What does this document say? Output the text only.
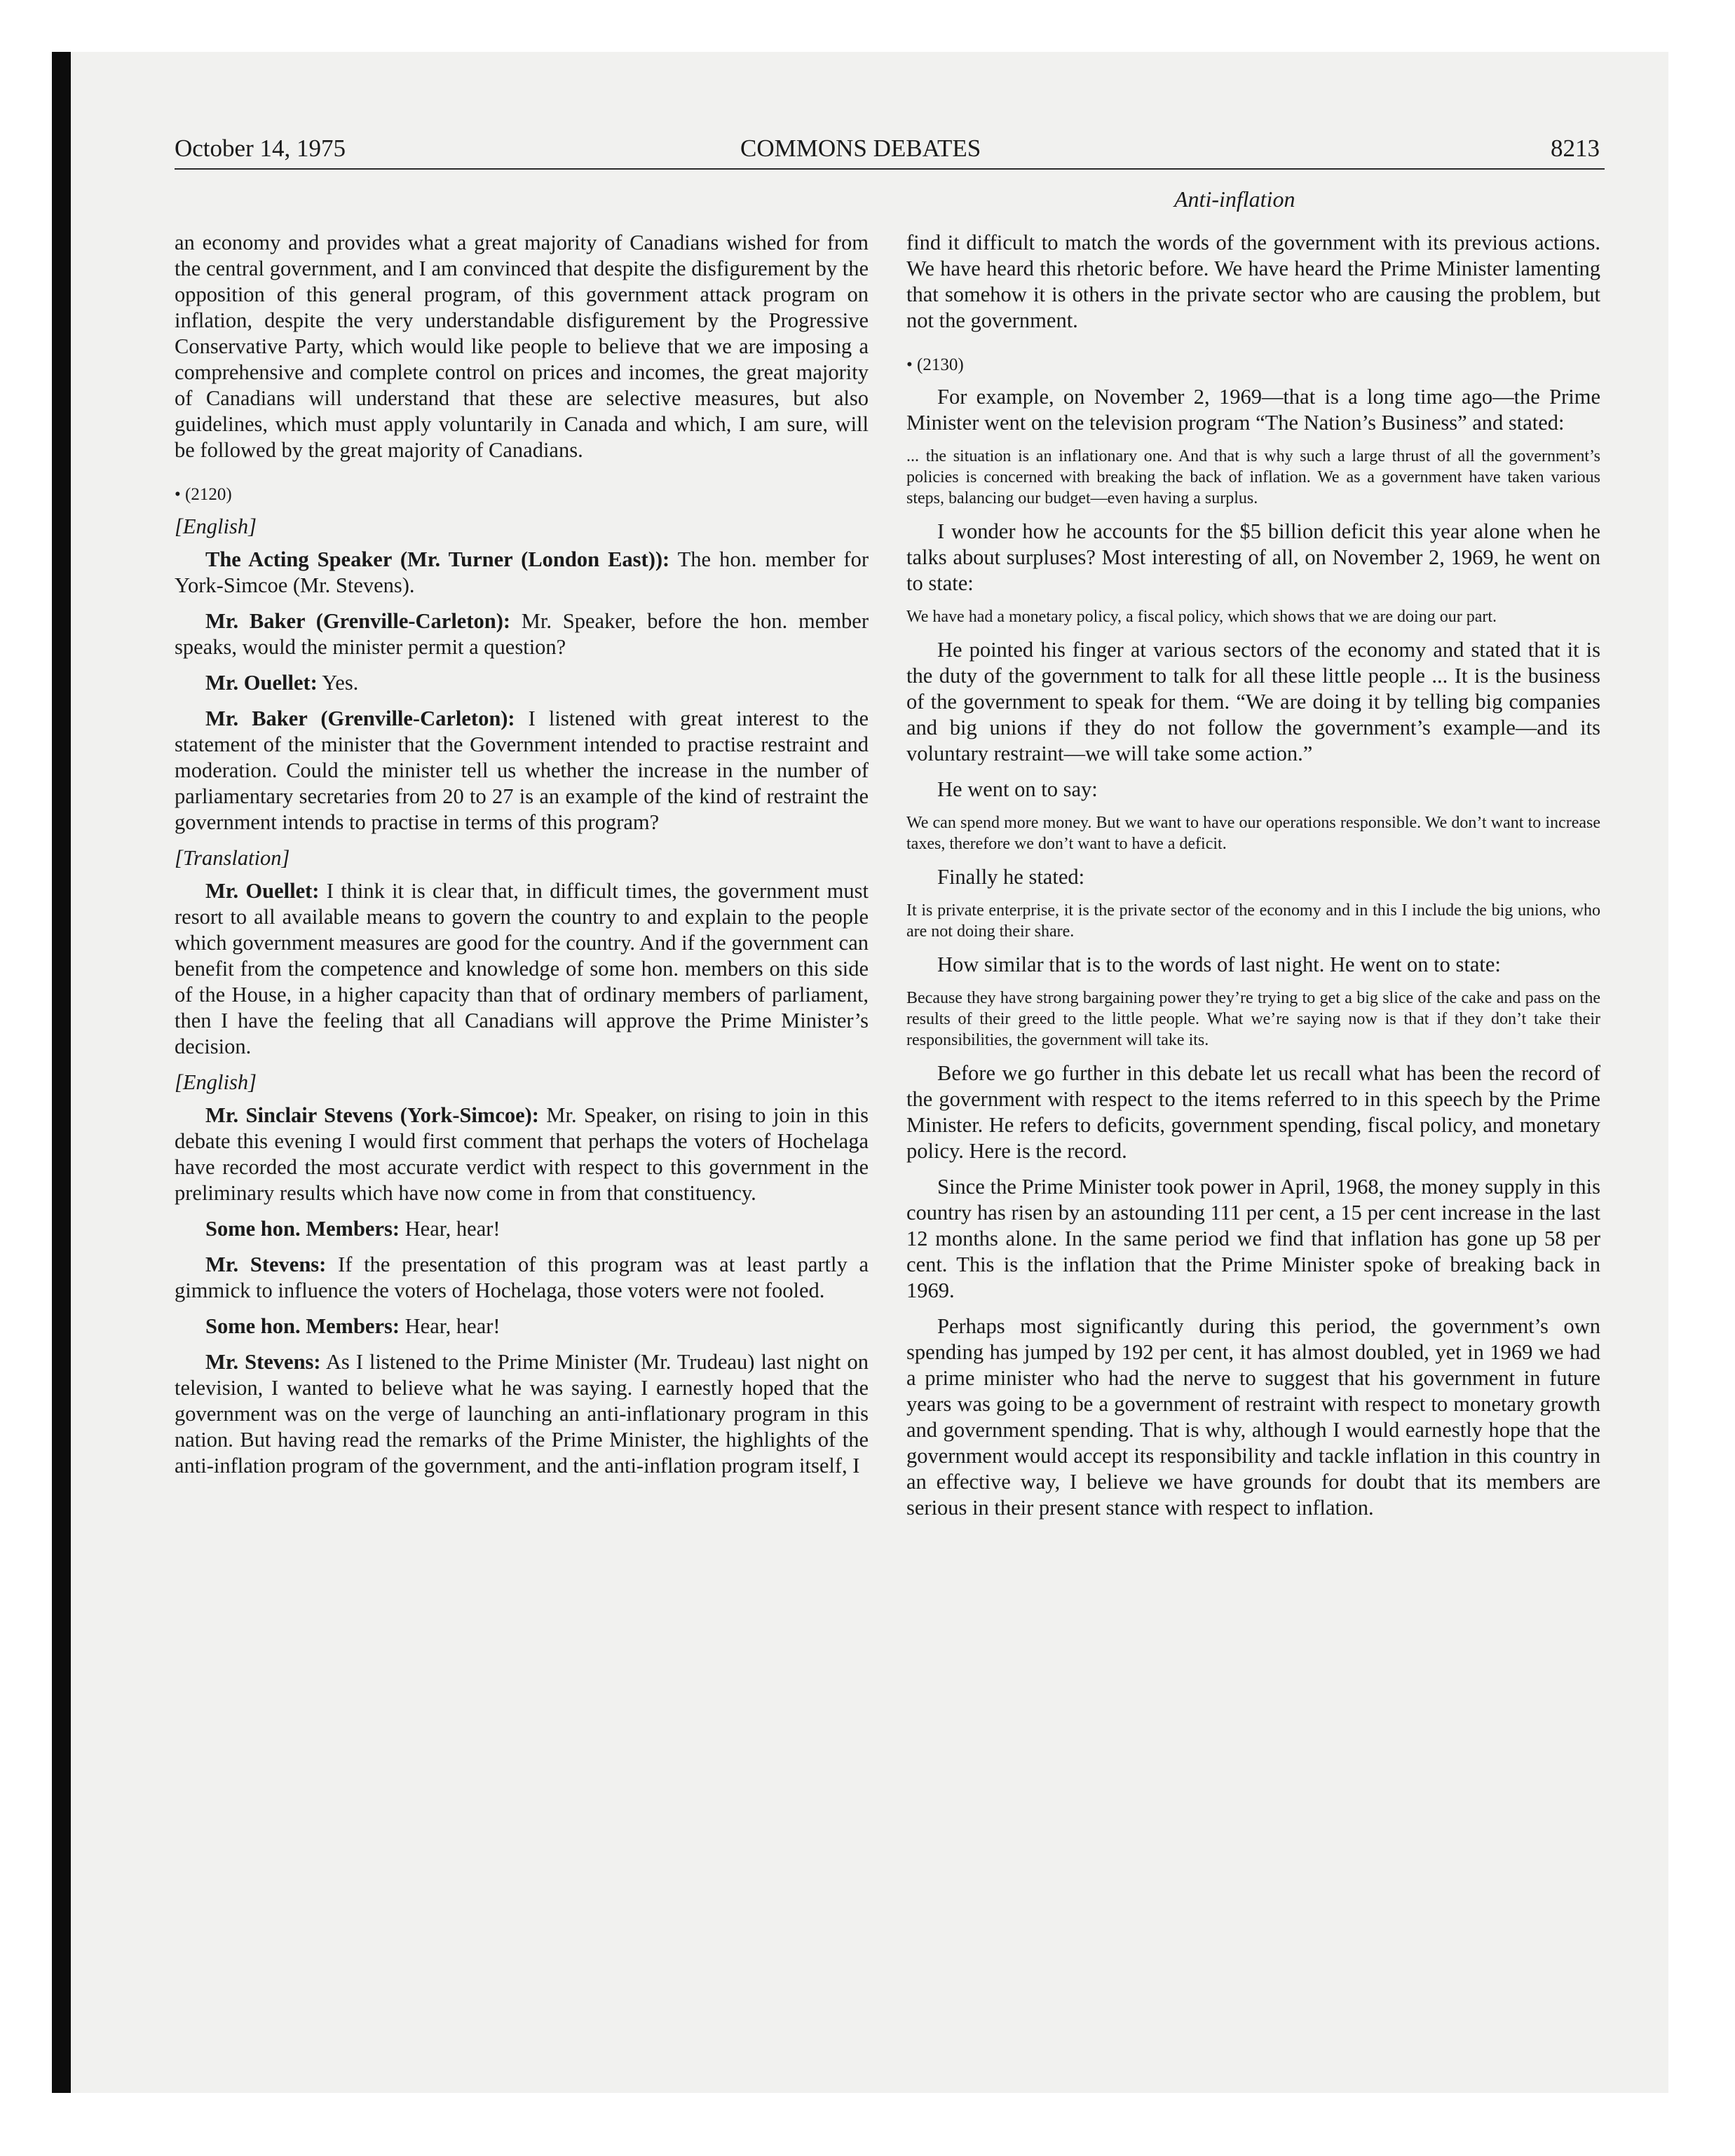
October 14, 1975	COMMONS DEBATES	8213
Anti-inflation

an economy and provides what a great majority of Canadians wished for from the central government, and I am convinced that despite the disfigurement by the opposition of this general program, of this government attack program on inflation, despite the very understandable disfigurement by the Progressive Conservative Party, which would like people to believe that we are imposing a comprehensive and complete control on prices and incomes, the great majority of Canadians will understand that these are selective measures, but also guidelines, which must apply voluntarily in Canada and which, I am sure, will be followed by the great majority of Canadians.

• (2120)

[English]

The Acting Speaker (Mr. Turner (London East)): The hon. member for York-Simcoe (Mr. Stevens).

Mr. Baker (Grenville-Carleton): Mr. Speaker, before the hon. member speaks, would the minister permit a question?

Mr. Ouellet: Yes.

Mr. Baker (Grenville-Carleton): I listened with great interest to the statement of the minister that the Government intended to practise restraint and moderation. Could the minister tell us whether the increase in the number of parliamentary secretaries from 20 to 27 is an example of the kind of restraint the government intends to practise in terms of this program?

[Translation]

Mr. Ouellet: I think it is clear that, in difficult times, the government must resort to all available means to govern the country to and explain to the people which government measures are good for the country. And if the government can benefit from the competence and knowledge of some hon. members on this side of the House, in a higher capacity than that of ordinary members of parliament, then I have the feeling that all Canadians will approve the Prime Minister’s decision.

[English]

Mr. Sinclair Stevens (York-Simcoe): Mr. Speaker, on rising to join in this debate this evening I would first comment that perhaps the voters of Hochelaga have recorded the most accurate verdict with respect to this government in the preliminary results which have now come in from that constituency.

Some hon. Members: Hear, hear!

Mr. Stevens: If the presentation of this program was at least partly a gimmick to influence the voters of Hochelaga, those voters were not fooled.

Some hon. Members: Hear, hear!

Mr. Stevens: As I listened to the Prime Minister (Mr. Trudeau) last night on television, I wanted to believe what he was saying. I earnestly hoped that the government was on the verge of launching an anti-inflationary program in this nation. But having read the remarks of the Prime Minister, the highlights of the anti-inflation program of the government, and the anti-inflation program itself, I

find it difficult to match the words of the government with its previous actions. We have heard this rhetoric before. We have heard the Prime Minister lamenting that somehow it is others in the private sector who are causing the problem, but not the government.

• (2130)

For example, on November 2, 1969—that is a long time ago—the Prime Minister went on the television program “The Nation’s Business” and stated:

... the situation is an inflationary one. And that is why such a large thrust of all the government’s policies is concerned with breaking the back of inflation. We as a government have taken various steps, balancing our budget—even having a surplus.

I wonder how he accounts for the $5 billion deficit this year alone when he talks about surpluses? Most interesting of all, on November 2, 1969, he went on to state:

We have had a monetary policy, a fiscal policy, which shows that we are doing our part.

He pointed his finger at various sectors of the economy and stated that it is the duty of the government to talk for all these little people ... It is the business of the government to speak for them. “We are doing it by telling big companies and big unions if they do not follow the government’s example—and its voluntary restraint—we will take some action.”

He went on to say:

We can spend more money. But we want to have our operations responsible. We don’t want to increase taxes, therefore we don’t want to have a deficit.

Finally he stated:

It is private enterprise, it is the private sector of the economy and in this I include the big unions, who are not doing their share.

How similar that is to the words of last night. He went on to state:

Because they have strong bargaining power they’re trying to get a big slice of the cake and pass on the results of their greed to the little people. What we’re saying now is that if they don’t take their responsibilities, the government will take its.

Before we go further in this debate let us recall what has been the record of the government with respect to the items referred to in this speech by the Prime Minister. He refers to deficits, government spending, fiscal policy, and monetary policy. Here is the record.

Since the Prime Minister took power in April, 1968, the money supply in this country has risen by an astounding 111 per cent, a 15 per cent increase in the last 12 months alone. In the same period we find that inflation has gone up 58 per cent. This is the inflation that the Prime Minister spoke of breaking back in 1969.

Perhaps most significantly during this period, the government’s own spending has jumped by 192 per cent, it has almost doubled, yet in 1969 we had a prime minister who had the nerve to suggest that his government in future years was going to be a government of restraint with respect to monetary growth and government spending. That is why, although I would earnestly hope that the government would accept its responsibility and tackle inflation in this country in an effective way, I believe we have grounds for doubt that its members are serious in their present stance with respect to inflation.
